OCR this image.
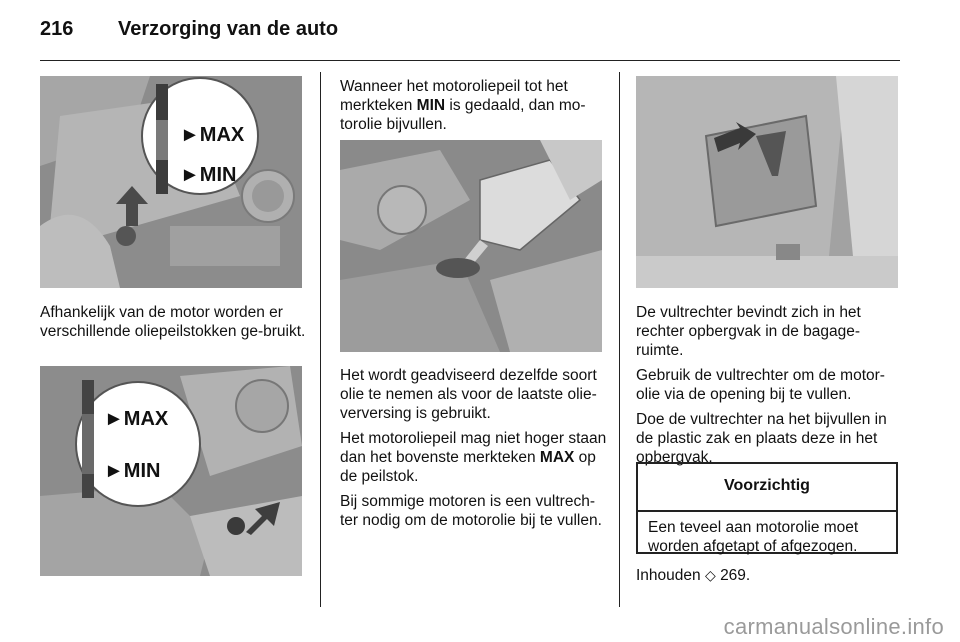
216 Verzorging van de auto
►MAX
►MIN
Afhankelijk van de motor worden er verschillende oliepeilstokken ge-bruikt.
►MAX
►MIN
Wanneer het motoroliepeil tot het merkteken MIN is gedaald, dan mo-torolie bijvullen.

Het wordt geadviseerd dezelfde soort olie te nemen als voor de laatste olie-verversing is gebruikt.

Het motoroliepeil mag niet hoger staan dan het bovenste merkteken MAX op de peilstok.

Bij sommige motoren is een vultrech-ter nodig om de motorolie bij te vullen.

De vultrechter bevindt zich in het rechter opbergvak in de bagage-ruimte.

Gebruik de vultrechter om de motor-olie via de opening bij te vullen.

Doe de vultrechter na het bijvullen in de plastic zak en plaats deze in het opbergvak.

Voorzichtig
Een teveel aan motorolie moet worden afgetapt of afgezogen.
Inhouden ◇ 269.
carmanualsonline.info
